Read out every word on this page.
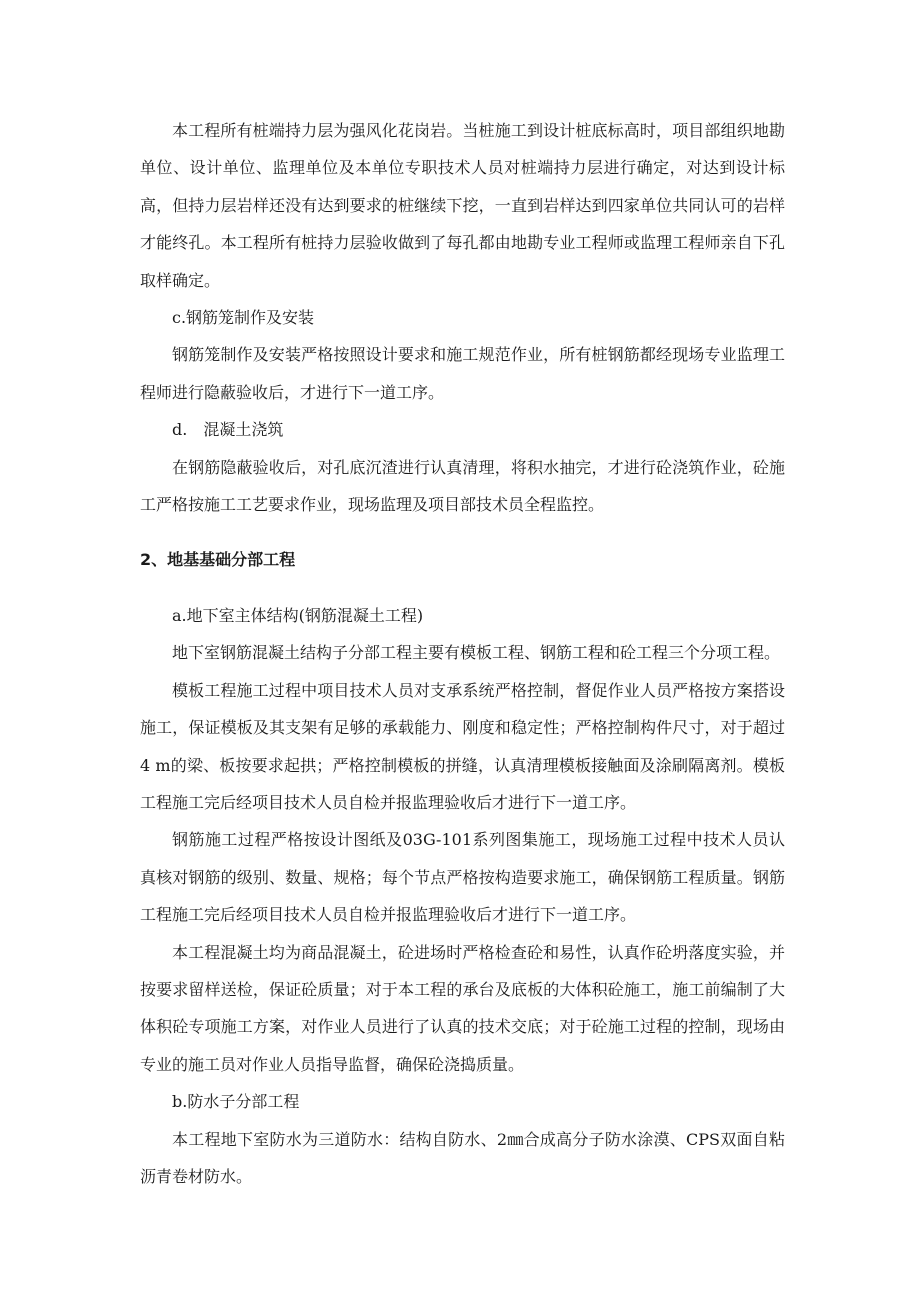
本工程所有桩端持力层为强风化花岗岩。当桩施工到设计桩底标高时，项目部组织地勘单位、设计单位、监理单位及本单位专职技术人员对桩端持力层进行确定，对达到设计标高，但持力层岩样还没有达到要求的桩继续下挖，一直到岩样达到四家单位共同认可的岩样才能终孔。本工程所有桩持力层验收做到了每孔都由地勘专业工程师或监理工程师亲自下孔取样确定。

c.钢筋笼制作及安装

钢筋笼制作及安装严格按照设计要求和施工规范作业，所有桩钢筋都经现场专业监理工程师进行隐蔽验收后，才进行下一道工序。

d.　混凝土浇筑

在钢筋隐蔽验收后，对孔底沉渣进行认真清理，将积水抽完，才进行砼浇筑作业，砼施工严格按施工工艺要求作业，现场监理及项目部技术员全程监控。

2、地基基础分部工程

a.地下室主体结构(钢筋混凝土工程)

地下室钢筋混凝土结构子分部工程主要有模板工程、钢筋工程和砼工程三个分项工程。

模板工程施工过程中项目技术人员对支承系统严格控制，督促作业人员严格按方案搭设施工，保证模板及其支架有足够的承载能力、刚度和稳定性；严格控制构件尺寸，对于超过4 m的梁、板按要求起拱；严格控制模板的拼缝，认真清理模板接触面及涂刷隔离剂。模板工程施工完后经项目技术人员自检并报监理验收后才进行下一道工序。

钢筋施工过程严格按设计图纸及03G-101系列图集施工，现场施工过程中技术人员认真核对钢筋的级别、数量、规格；每个节点严格按构造要求施工，确保钢筋工程质量。钢筋工程施工完后经项目技术人员自检并报监理验收后才进行下一道工序。

本工程混凝土均为商品混凝土，砼进场时严格检查砼和易性，认真作砼坍落度实验，并按要求留样送检，保证砼质量；对于本工程的承台及底板的大体积砼施工，施工前编制了大体积砼专项施工方案，对作业人员进行了认真的技术交底；对于砼施工过程的控制，现场由专业的施工员对作业人员指导监督，确保砼浇捣质量。

b.防水子分部工程

本工程地下室防水为三道防水：结构自防水、2㎜合成高分子防水涂漠、CPS双面自粘沥青卷材防水。
